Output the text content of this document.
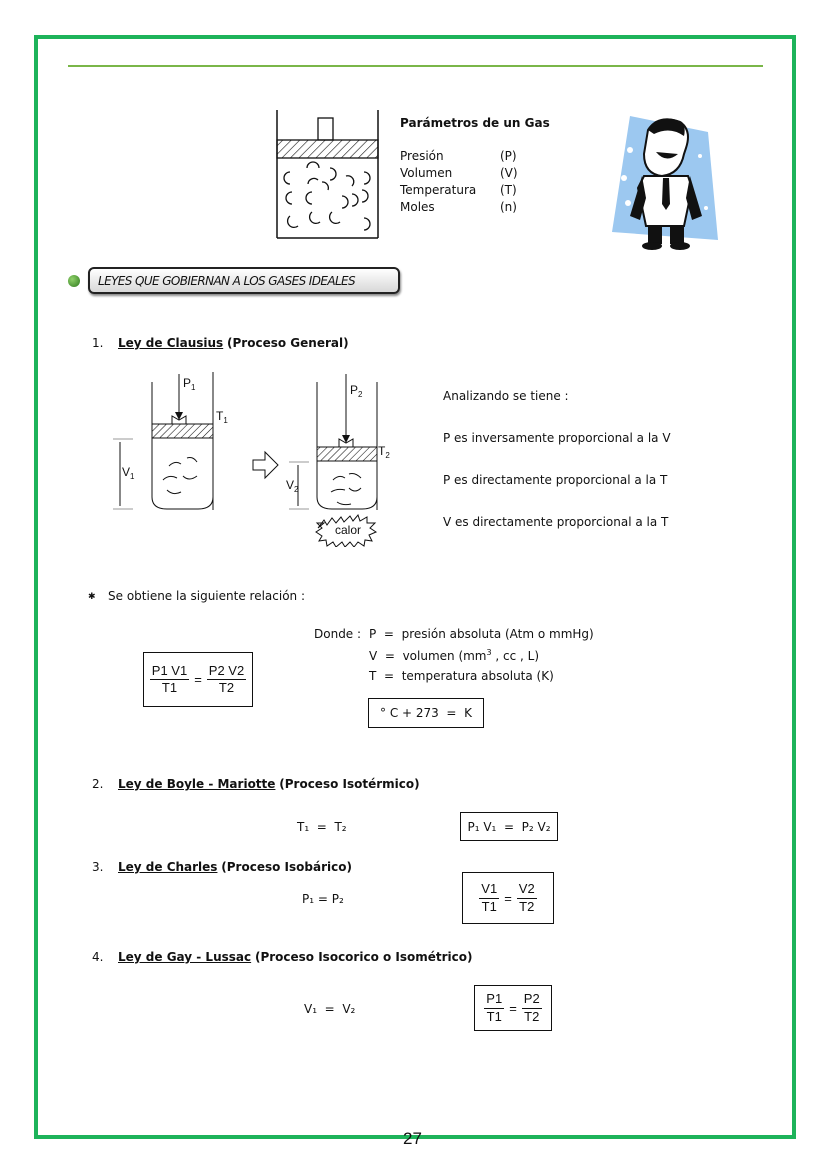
Parámetros de un Gas
Presión	(P)
Volumen	(V)
Temperatura	(T)
Moles	(n)
LEYES QUE GOBIERNAN A LOS GASES IDEALES
1. Ley de Clausius (Proceso General)
$P_1$
$T_1$
$V_1$
$P_2$
$T_2$
$V_2$
calor
Analizando se tiene :
P es inversamente proporcional a la V
P es directamente proporcional a la T
V es directamente proporcional a la T
✱ Se obtiene la siguiente relación :
$\frac{P1 V1}{T1} = \frac{P2 V2}{T2}$
Donde : P = presión absoluta (Atm o mmHg)
V = volumen ($mm^3$ , cc , L)
T = temperatura absoluta (K)
° C + 273  =  K
2. Ley de Boyle - Mariotte (Proceso Isotérmico)
T₁  =  T₂	P₁ V₁  =  P₂ V₂
3. Ley de Charles (Proceso Isobárico)
P₁ = P₂	$\frac{V1}{T1} = \frac{V2}{T2}$
4. Ley de Gay - Lussac (Proceso Isocorico o Isométrico)
V₁  =  V₂	$\frac{P1}{T1} = \frac{P2}{T2}$
27
